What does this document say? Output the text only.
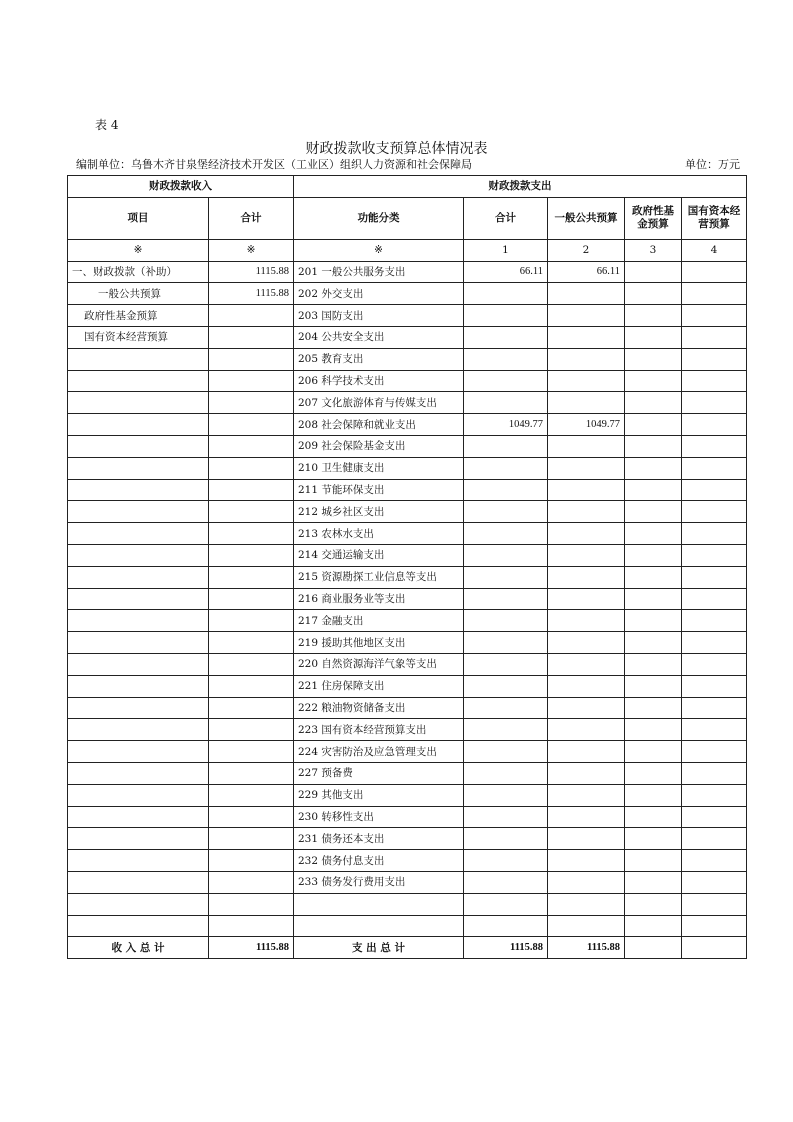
表 4
财政拨款收支预算总体情况表
编制单位：乌鲁木齐甘泉堡经济技术开发区（工业区）组织人力资源和社会保障局	单位：万元
财政拨款收入		财政拨款支出				
项目	合计	功能分类	合计	一般公共预算	政府性基金预算	国有资本经营预算
※	※	※	1	2	3	4
一、财政拨款（补助）	1115.88	201 一般公共服务支出	66.11	66.11		
一般公共预算	1115.88	202 外交支出				
政府性基金预算		203 国防支出				
国有资本经营预算		204 公共安全支出				
		205 教育支出				
		206 科学技术支出				
		207 文化旅游体育与传媒支出				
		208 社会保障和就业支出	1049.77	1049.77		
		209 社会保险基金支出				
		210 卫生健康支出				
		211 节能环保支出				
		212 城乡社区支出				
		213 农林水支出				
		214 交通运输支出				
		215 资源勘探工业信息等支出				
		216 商业服务业等支出				
		217 金融支出				
		219 援助其他地区支出				
		220 自然资源海洋气象等支出				
		221 住房保障支出				
		222 粮油物资储备支出				
		223 国有资本经营预算支出				
		224 灾害防治及应急管理支出				
		227 预备费				
		229 其他支出				
		230 转移性支出				
		231 债务还本支出				
		232 债务付息支出				
		233 债务发行费用支出				

收 入 总 计	1115.88	支 出 总 计	1115.88	1115.88		
